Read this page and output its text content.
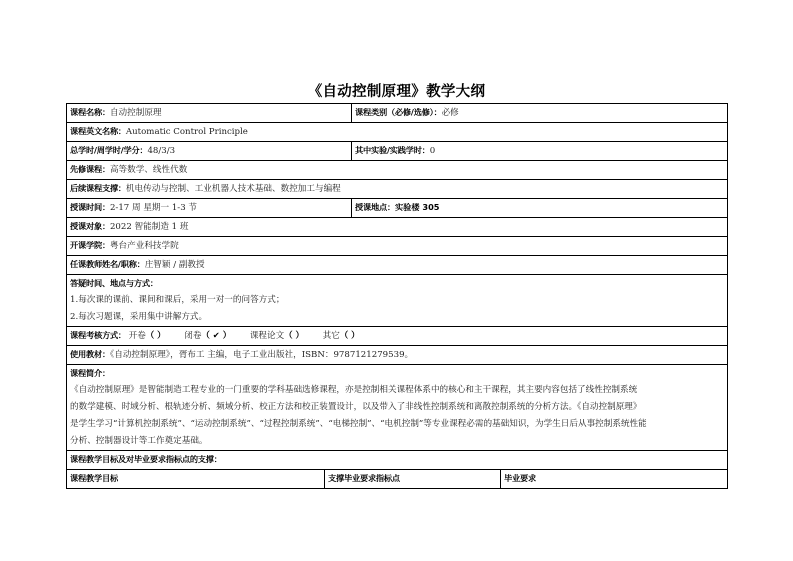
《自动控制原理》教学大纲
课程名称：自动控制原理		课程类别（必修/选修）：必修	
课程英文名称：Automatic Control Principle			
总学时/周学时/学分：48/3/3		其中实验/实践学时：0	
先修课程：高等数学、线性代数			
后续课程支撑：机电传动与控制、工业机器人技术基础、数控加工与编程			
授课时间：2-17 周 星期一 1-3 节		授课地点：实验楼 305	
授课对象：2022 智能制造 1 班			
开课学院：粤台产业科技学院			
任课教师姓名/职称：庄智颖 / 副教授			

答疑时间、地点与方式：
1.每次课的课前、课间和课后，采用一对一的问答方式；
2.每次习题课，采用集中讲解方式。			

课程考核方式： 开卷（ ） 闭卷（ ✔ ） 课程论文（ ） 其它（ ）			
使用教材：《自动控制原理》，胥布工 主编，电子工业出版社，ISBN：9787121279539。			

课程简介：
《自动控制原理》是智能制造工程专业的一门重要的学科基础选修课程，亦是控制相关课程体系中的核心和主干课程，其主要内容包括了线性控制系统
的数学建模、时域分析、根轨迹分析、频域分析、校正方法和校正装置设计，以及带入了非线性控制系统和离散控制系统的分析方法。《自动控制原理》
是学生学习“计算机控制系统”、“运动控制系统”、“过程控制系统”、“电梯控制”、“电机控制”等专业课程必需的基础知识，为学生日后从事控制系统性能
分析、控制器设计等工作奠定基础。			

课程教学目标及对毕业要求指标点的支撑：			
课程教学目标	支撑毕业要求指标点		毕业要求
